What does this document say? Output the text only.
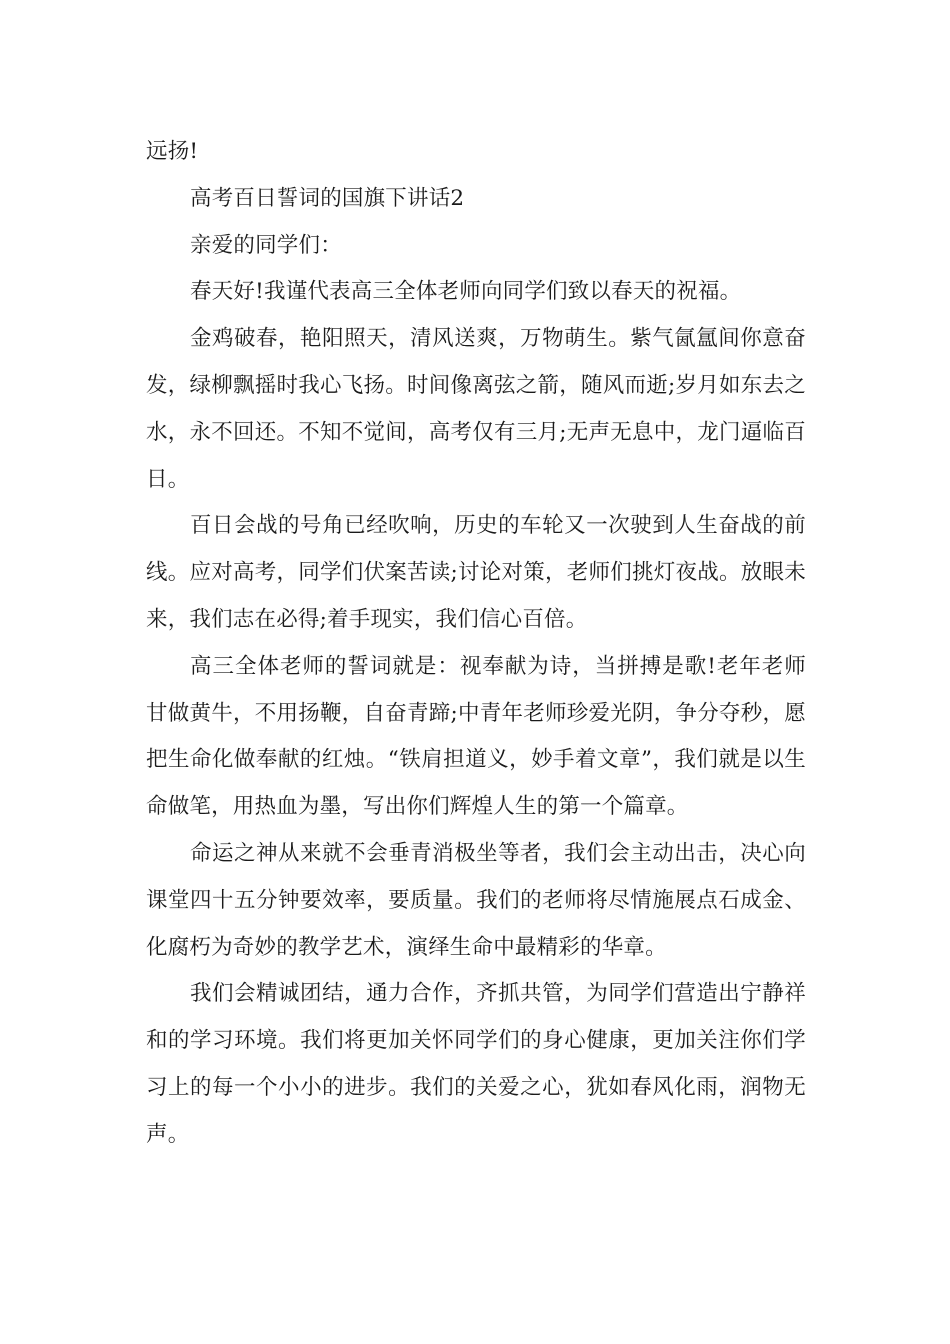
远扬!

高考百日誓词的国旗下讲话2

亲爱的同学们：

春天好!我谨代表高三全体老师向同学们致以春天的祝福。

金鸡破春，艳阳照天，清风送爽，万物萌生。紫气氤氲间你意奋发，绿柳飘摇时我心飞扬。时间像离弦之箭，随风而逝;岁月如东去之水，永不回还。不知不觉间，高考仅有三月;无声无息中，龙门逼临百日。

百日会战的号角已经吹响，历史的车轮又一次驶到人生奋战的前线。应对高考，同学们伏案苦读;讨论对策，老师们挑灯夜战。放眼未来，我们志在必得;着手现实，我们信心百倍。

高三全体老师的誓词就是：视奉献为诗，当拼搏是歌!老年老师甘做黄牛，不用扬鞭，自奋青蹄;中青年老师珍爱光阴，争分夺秒，愿把生命化做奉献的红烛。“铁肩担道义，妙手着文章”，我们就是以生命做笔，用热血为墨，写出你们辉煌人生的第一个篇章。

命运之神从来就不会垂青消极坐等者，我们会主动出击，决心向课堂四十五分钟要效率，要质量。我们的老师将尽情施展点石成金、化腐朽为奇妙的教学艺术，演绎生命中最精彩的华章。

我们会精诚团结，通力合作，齐抓共管，为同学们营造出宁静祥和的学习环境。我们将更加关怀同学们的身心健康，更加关注你们学习上的每一个小小的进步。我们的关爱之心，犹如春风化雨，润物无声。
